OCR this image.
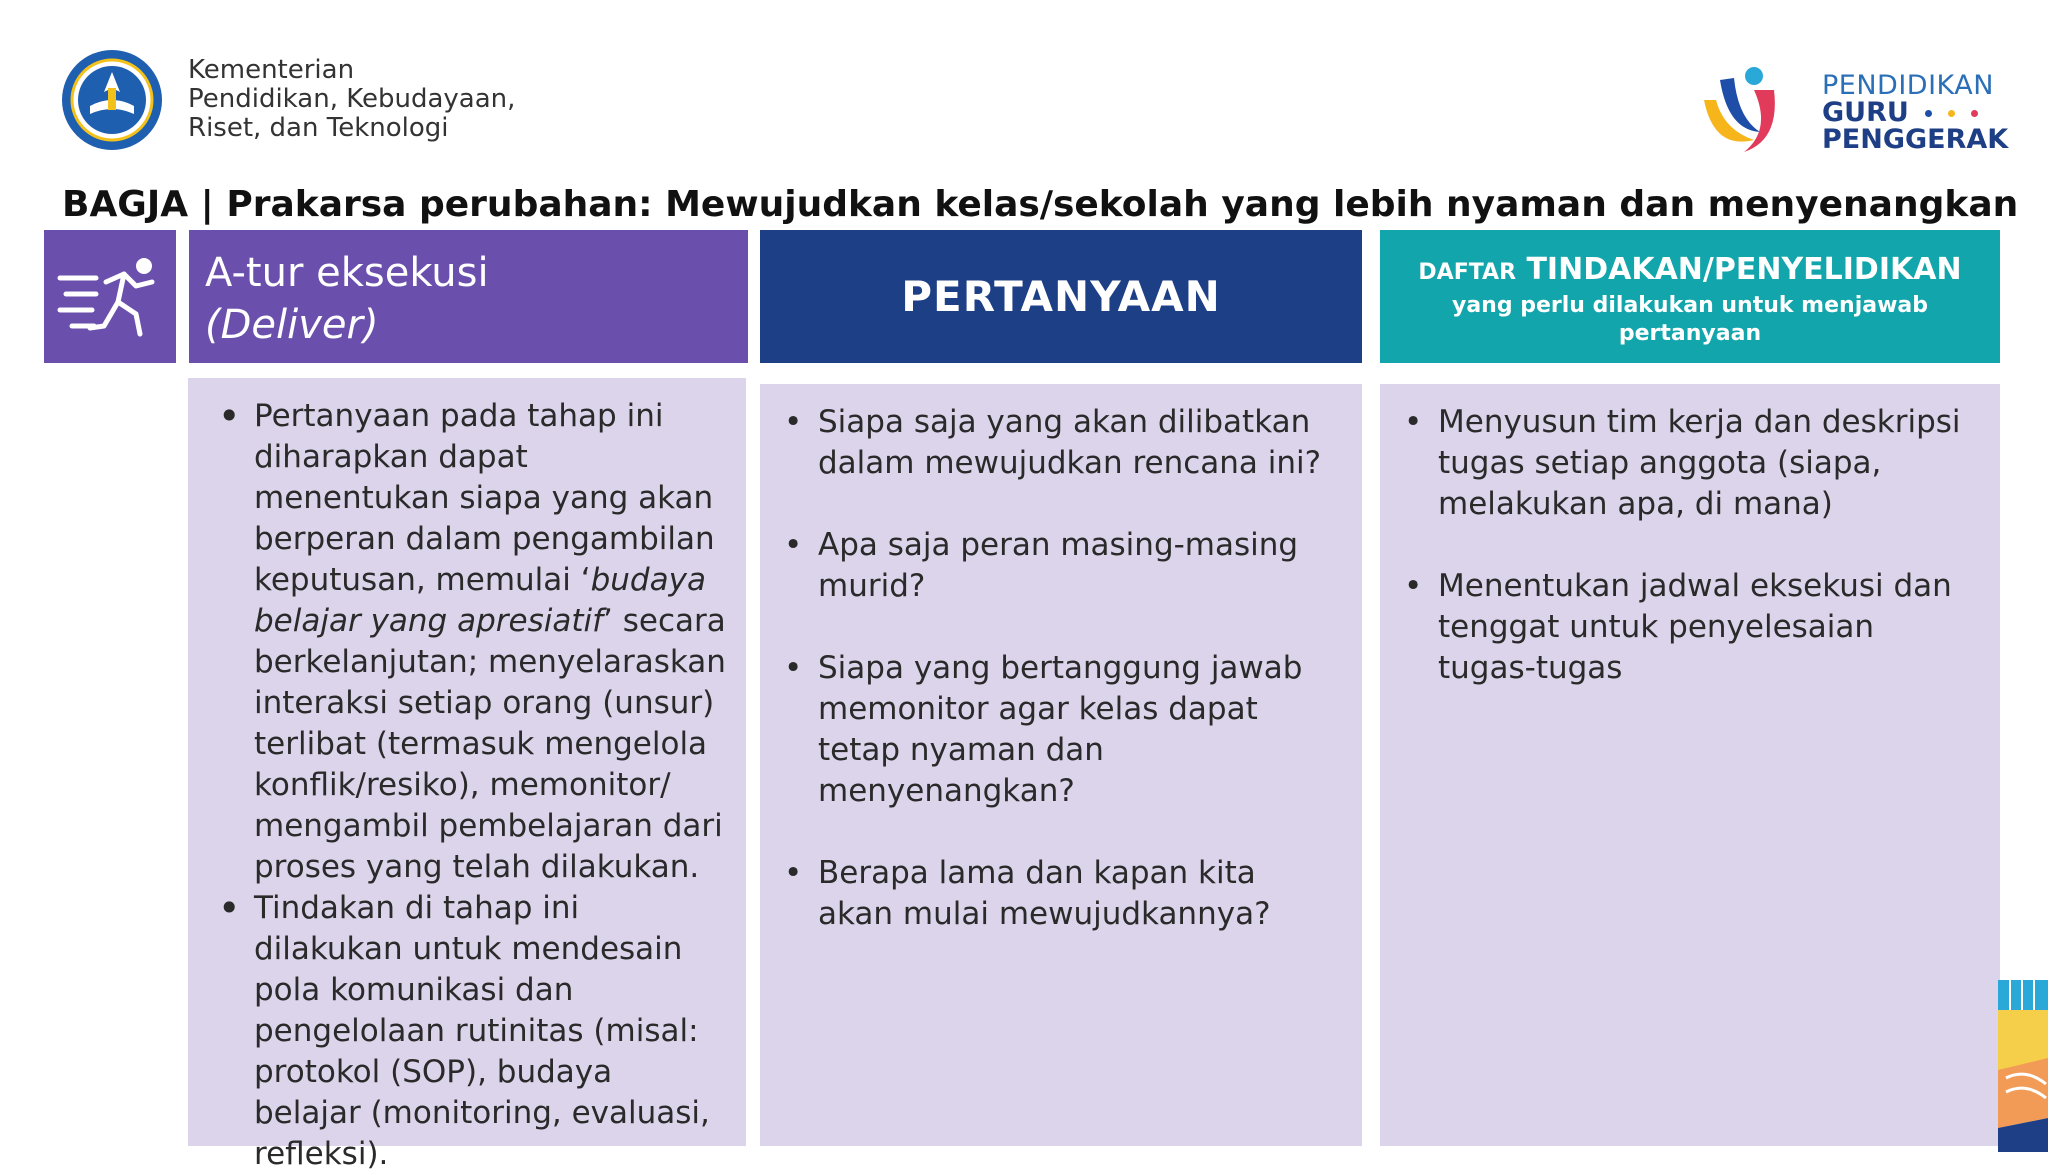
Kementerian
Pendidikan, Kebudayaan,
Riset, dan Teknologi
PENDIDIKAN
GURU
PENGGERAK
BAGJA | Prakarsa perubahan: Mewujudkan kelas/sekolah yang lebih nyaman dan menyenangkan
A-tur eksekusi
(Deliver)
PERTANYAAN	DAFTAR TINDAKAN/PENYELIDIKAN
yang perlu dilakukan untuk menjawab pertanyaan
• Pertanyaan pada tahap ini diharapkan dapat menentukan siapa yang akan berperan dalam pengambilan keputusan, memulai ‘budaya belajar yang apresiatif’ secara berkelanjutan; menyelaraskan interaksi setiap orang (unsur) terlibat (termasuk mengelola konflik/resiko), memonitor/ mengambil pembelajaran dari proses yang telah dilakukan.
• Tindakan di tahap ini dilakukan untuk mendesain pola komunikasi dan pengelolaan rutinitas (misal: protokol (SOP), budaya belajar (monitoring, evaluasi, refleksi).
• Siapa saja yang akan dilibatkan dalam mewujudkan rencana ini?
• Apa saja peran masing-masing murid?
• Siapa yang bertanggung jawab memonitor agar kelas dapat tetap nyaman dan menyenangkan?
• Berapa lama dan kapan kita akan mulai mewujudkannya?
• Menyusun tim kerja dan deskripsi tugas setiap anggota (siapa, melakukan apa, di mana)
• Menentukan jadwal eksekusi dan tenggat untuk penyelesaian tugas-tugas
